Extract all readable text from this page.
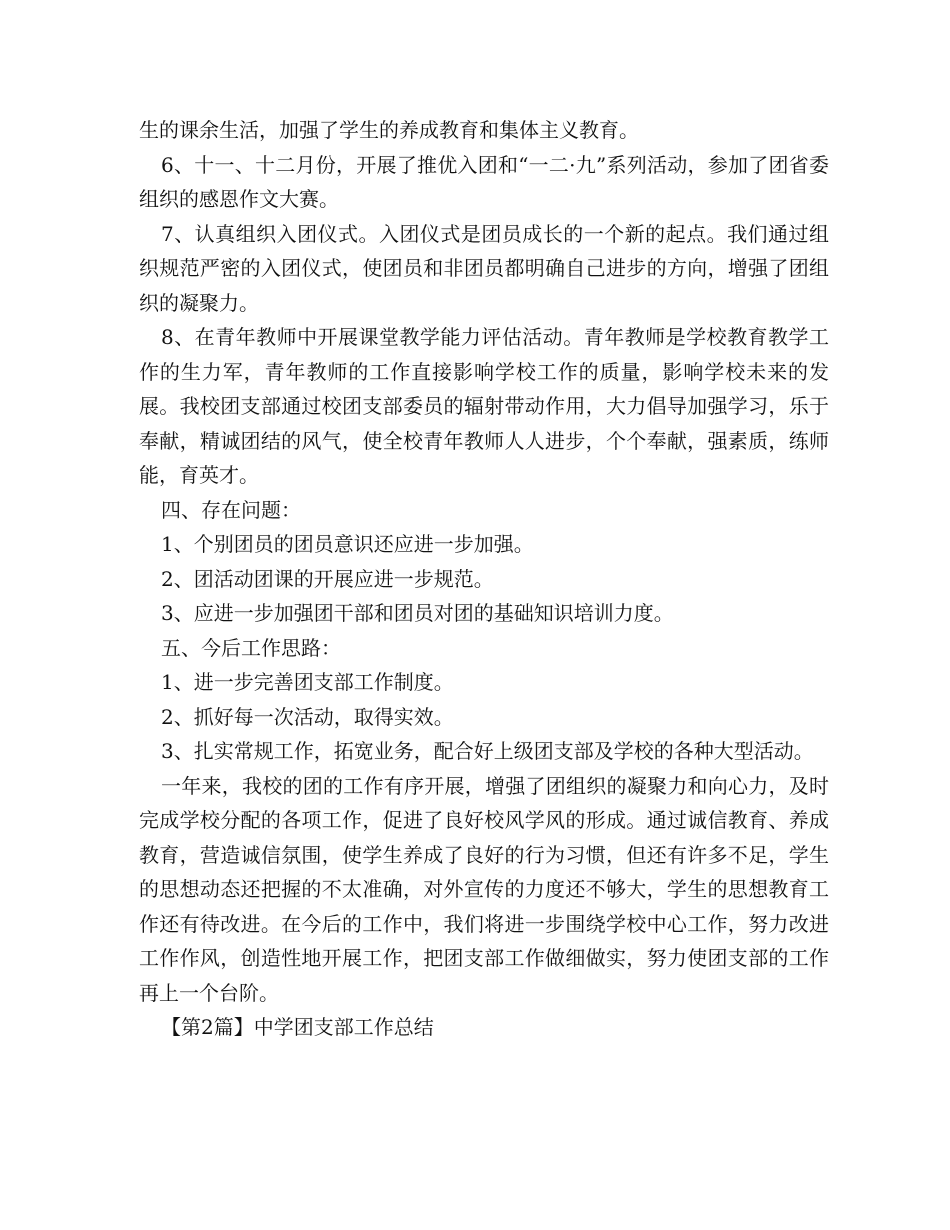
生的课余生活，加强了学生的养成教育和集体主义教育。

6、十一、十二月份，开展了推优入团和“一二·九”系列活动，参加了团省委组织的感恩作文大赛。

7、认真组织入团仪式。入团仪式是团员成长的一个新的起点。我们通过组织规范严密的入团仪式，使团员和非团员都明确自己进步的方向，增强了团组织的凝聚力。

8、在青年教师中开展课堂教学能力评估活动。青年教师是学校教育教学工作的生力军，青年教师的工作直接影响学校工作的质量，影响学校未来的发展。我校团支部通过校团支部委员的辐射带动作用，大力倡导加强学习，乐于奉献，精诚团结的风气，使全校青年教师人人进步，个个奉献，强素质，练师能，育英才。

四、存在问题：

1、个别团员的团员意识还应进一步加强。

2、团活动团课的开展应进一步规范。

3、应进一步加强团干部和团员对团的基础知识培训力度。

五、今后工作思路：

1、进一步完善团支部工作制度。

2、抓好每一次活动，取得实效。

3、扎实常规工作，拓宽业务，配合好上级团支部及学校的各种大型活动。

一年来，我校的团的工作有序开展，增强了团组织的凝聚力和向心力，及时完成学校分配的各项工作，促进了良好校风学风的形成。通过诚信教育、养成教育，营造诚信氛围，使学生养成了良好的行为习惯，但还有许多不足，学生的思想动态还把握的不太准确，对外宣传的力度还不够大，学生的思想教育工作还有待改进。在今后的工作中，我们将进一步围绕学校中心工作，努力改进工作作风，创造性地开展工作，把团支部工作做细做实，努力使团支部的工作再上一个台阶。

【第2篇】中学团支部工作总结
